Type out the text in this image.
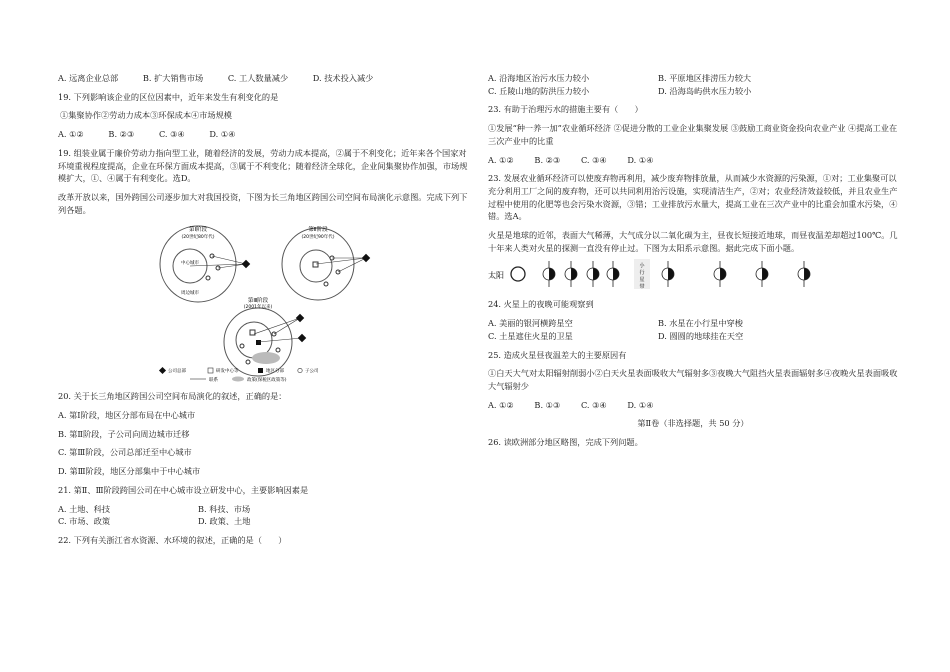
A. 远离企业总部	B. 扩大销售市场	C. 工人数量减少	D. 技术投入减少
19. 下列影响该企业的区位因素中，近年来发生有利变化的是
①集聚协作②劳动力成本③环保成本④市场规模
A. ①②	B. ②③	C. ③④	D. ①④
19. 组装业属于廉价劳动力指向型工业，随着经济的发展，劳动力成本提高，②属于不利变化；近年来各个国家对环境重视程度提高，企业在环保方面成本提高，③属于不利变化；随着经济全球化，企业间集聚协作加强，市场规模扩大，①、④属于有利变化。选D。
改革开放以来，国外跨国公司逐步加大对我国投资，下图为长三角地区跨国公司空间布局演化示意图。完成下列下列各题。
第Ⅰ阶段
(20世纪80年代)
中心城市
周边城市
第Ⅱ阶段
(20世纪90年代)
第Ⅲ阶段
(2001年以来)
公司总部	研发中心等	地区分部	子公司
联系	政策(保税区政策等)
20. 关于长三角地区跨国公司空间布局演化的叙述，正确的是：
A. 第Ⅰ阶段，地区分部布局在中心城市
B. 第Ⅱ阶段，子公司向周边城市迁移
C. 第Ⅲ阶段，公司总部迁至中心城市
D. 第Ⅲ阶段，地区分部集中于中心城市
21. 第Ⅱ、Ⅲ阶段跨国公司在中心城市设立研发中心，主要影响因素是
A. 土地、科技	B. 科技、市场
C. 市场、政策	D. 政策、土地
22. 下列有关浙江省水资源、水环境的叙述，正确的是（　　）
A. 沿海地区治污水压力较小	B. 平原地区排涝压力较大
C. 丘陵山地的防洪压力较小	D. 沿海岛屿供水压力较小
23. 有助于治理污水的措施主要有（　　）
①发展“种一养一加”农业循环经济 ②促进分散的工业企业集聚发展 ③鼓励工商业资金投向农业产业 ④提高工业在三次产业中的比重
A. ①②	B. ②③	C. ③④	D. ①④
23. 发展农业循环经济可以使废弃物再利用，减少废弃物排放量，从而减少水资源的污染源，①对；工业集聚可以充分利用工厂之间的废弃物，还可以共同利用治污设施，实现清洁生产，②对；农业经济效益较低，并且农业生产过程中使用的化肥等也会污染水资源，③错；工业排放污水量大，提高工业在三次产业中的比重会加重水污染，④错。选A。
火星是地球的近邻，表面大气稀薄，大气成分以二氧化碳为主，昼夜长短接近地球，而昼夜温差却超过100℃。几十年来人类对火星的探测一直没有停止过。下图为太阳系示意图。据此完成下面小题。
太阳
小
行
星
带
24. 火星上的夜晚可能观察到
A. 美丽的银河横跨星空	B. 水星在小行星中穿梭
C. 土星遮住火星的卫星	D. 圆圆的地球挂在天空
25. 造成火星昼夜温差大的主要原因有
①白天大气对太阳辐射削弱小②白天火星表面吸收大气辐射多③夜晚大气阻挡火星表面辐射多④夜晚火星表面吸收大气辐射少
A. ①②	B. ①③	C. ③④	D. ①④
第Ⅱ卷（非选择题，共 50 分）
26. 读欧洲部分地区略图，完成下列问题。
